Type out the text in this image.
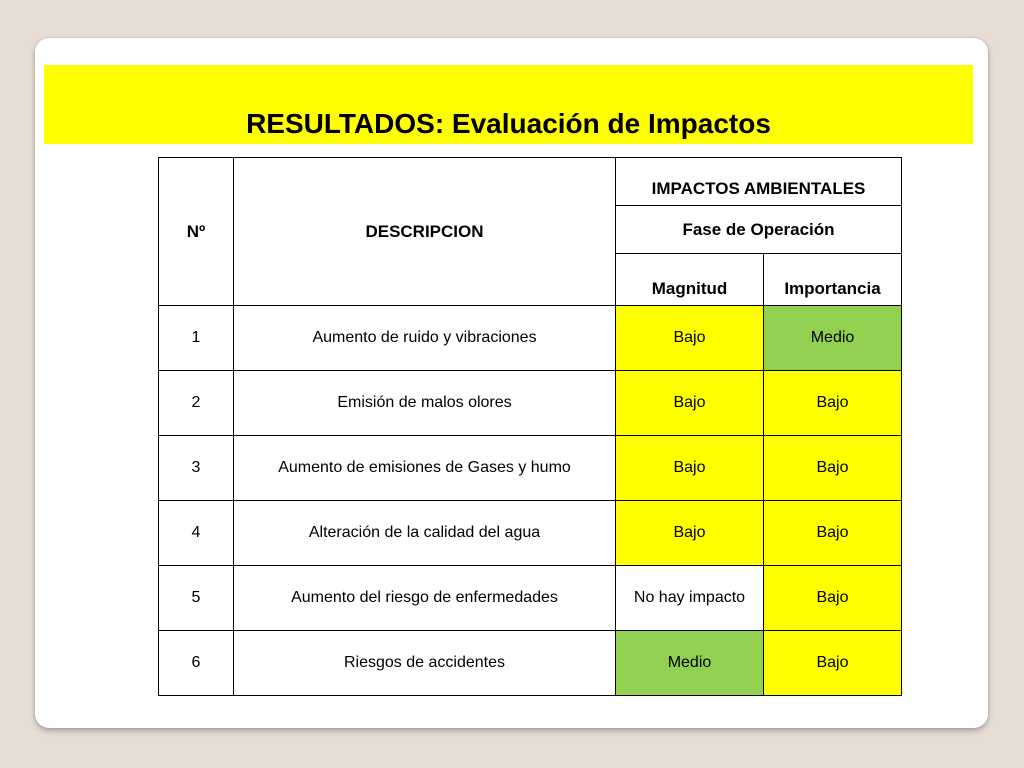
RESULTADOS: Evaluación de Impactos
Nº	DESCRIPCION	IMPACTOS AMBIENTALES	
		Fase de Operación	
		Magnitud	Importancia
1	Aumento de ruido y vibraciones	Bajo	Medio
2	Emisión de malos olores	Bajo	Bajo
3	Aumento de emisiones de Gases y humo	Bajo	Bajo
4	Alteración de la calidad del agua	Bajo	Bajo
5	Aumento del riesgo de enfermedades	No hay impacto	Bajo
6	Riesgos de accidentes	Medio	Bajo
